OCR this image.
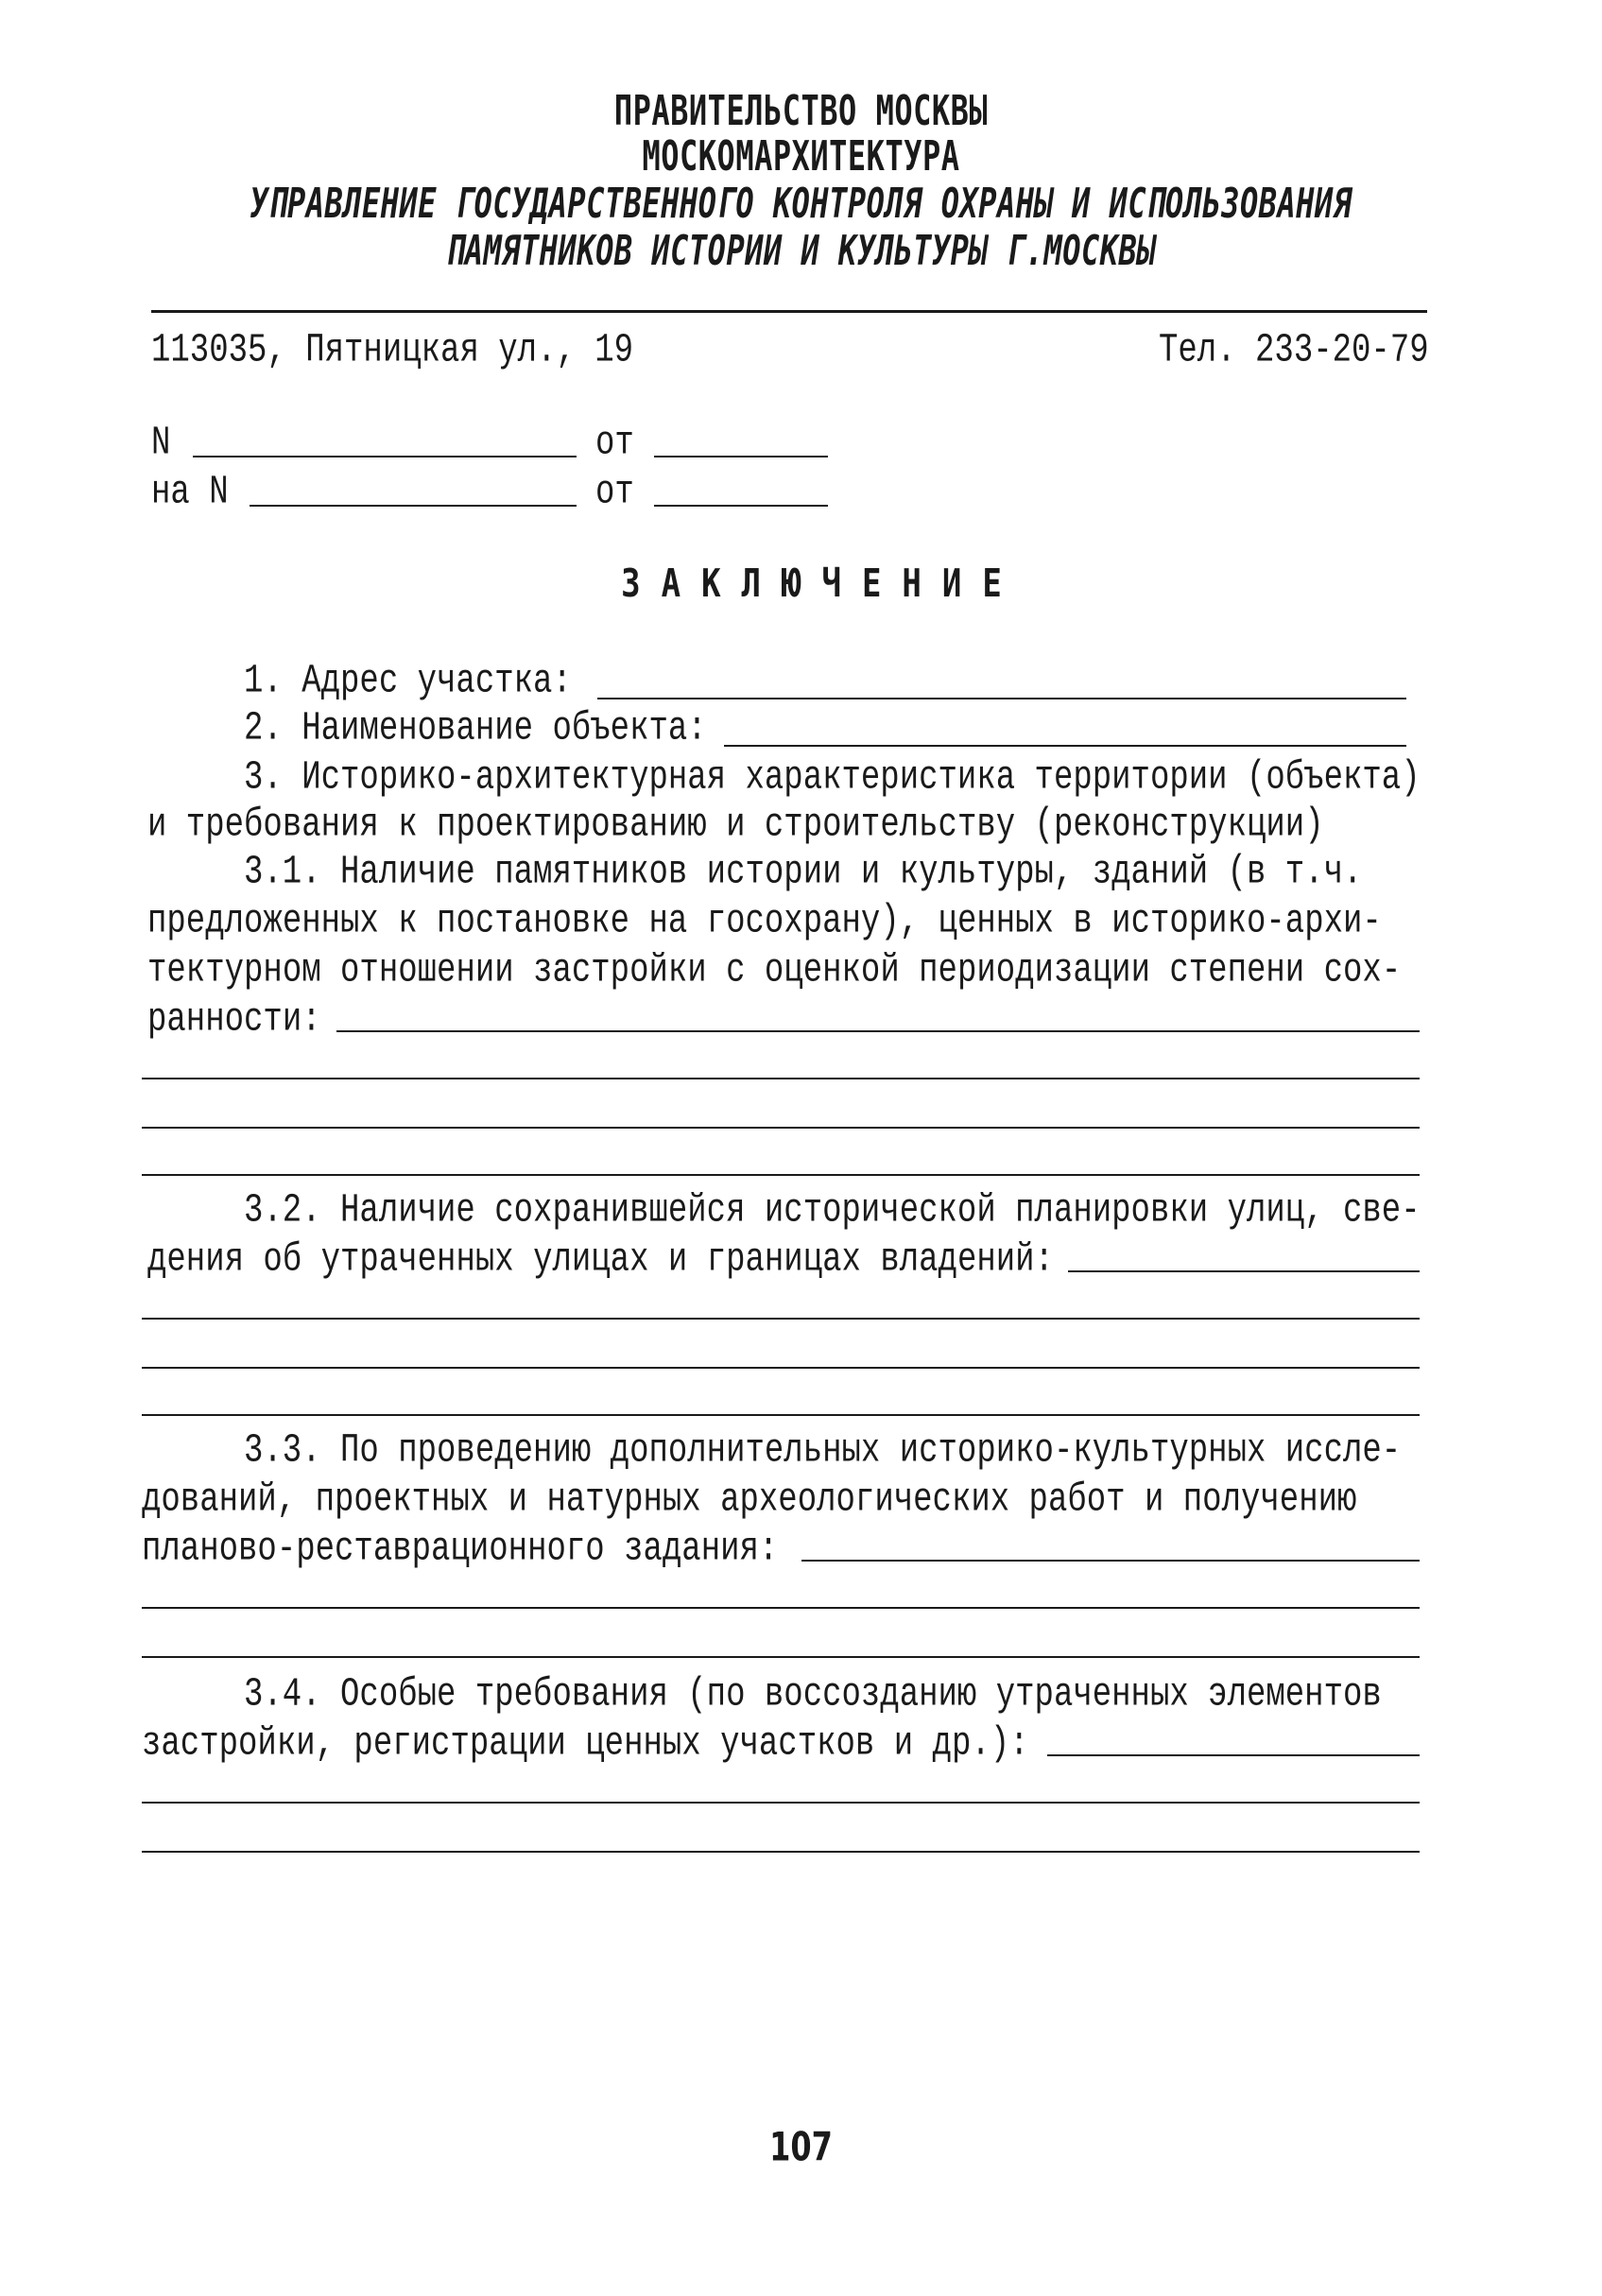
ПРАВИТЕЛЬСТВО МОСКВЫ
МОСКОМАРХИТЕКТУРА
УПРАВЛЕНИЕ ГОСУДАРСТВЕННОГО КОНТРОЛЯ ОХРАНЫ И ИСПОЛЬЗОВАНИЯ
ПАМЯТНИКОВ ИСТОРИИ И КУЛЬТУРЫ Г.МОСКВЫ
113035, Пятницкая ул., 19	Тел. 233-20-79
N	от
на N	от
ЗАКЛЮЧЕНИЕ
1. Адрес участка:
2. Наименование объекта:
3. Историко-архитектурная характеристика территории (объекта)
и требования к проектированию и строительству (реконструкции)
3.1. Наличие памятников истории и культуры, зданий (в т.ч.
предложенных к постановке на госохрану), ценных в историко-архи-
тектурном отношении застройки с оценкой периодизации степени сох-
ранности:
3.2. Наличие сохранившейся исторической планировки улиц, све-
дения об утраченных улицах и границах владений:
3.3. По проведению дополнительных историко-культурных иссле-
дований, проектных и натурных археологических работ и получению
планово-реставрационного задания:
3.4. Особые требования (по воссозданию утраченных элементов
застройки, регистрации ценных участков и др.):
107
